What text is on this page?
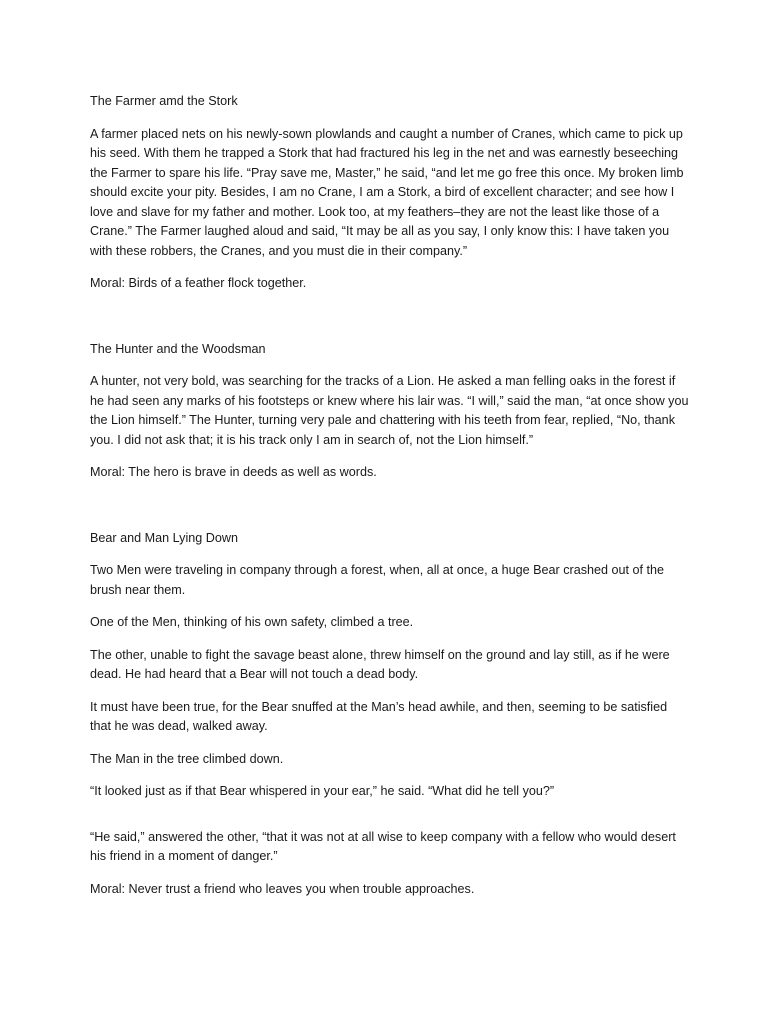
The Farmer amd the Stork

A farmer placed nets on his newly-sown plowlands and caught a number of Cranes, which came to pick up his seed. With them he trapped a Stork that had fractured his leg in the net and was earnestly beseeching the Farmer to spare his life. “Pray save me, Master,” he said, “and let me go free this once. My broken limb should excite your pity. Besides, I am no Crane, I am a Stork, a bird of excellent character; and see how I love and slave for my father and mother. Look too, at my feathers–they are not the least like those of a Crane.” The Farmer laughed aloud and said, “It may be all as you say, I only know this: I have taken you with these robbers, the Cranes, and you must die in their company.”

Moral: Birds of a feather flock together.

The Hunter and the Woodsman

A hunter, not very bold, was searching for the tracks of a Lion. He asked a man felling oaks in the forest if he had seen any marks of his footsteps or knew where his lair was. “I will,” said the man, “at once show you the Lion himself.” The Hunter, turning very pale and chattering with his teeth from fear, replied, “No, thank you. I did not ask that; it is his track only I am in search of, not the Lion himself.”

Moral: The hero is brave in deeds as well as words.

Bear and Man Lying Down

Two Men were traveling in company through a forest, when, all at once, a huge Bear crashed out of the brush near them.

One of the Men, thinking of his own safety, climbed a tree.

The other, unable to fight the savage beast alone, threw himself on the ground and lay still, as if he were dead. He had heard that a Bear will not touch a dead body.

It must have been true, for the Bear snuffed at the Man’s head awhile, and then, seeming to be satisfied that he was dead, walked away.

The Man in the tree climbed down.

“It looked just as if that Bear whispered in your ear,” he said. “What did he tell you?”

“He said,” answered the other, “that it was not at all wise to keep company with a fellow who would desert his friend in a moment of danger.”

Moral: Never trust a friend who leaves you when trouble approaches.
